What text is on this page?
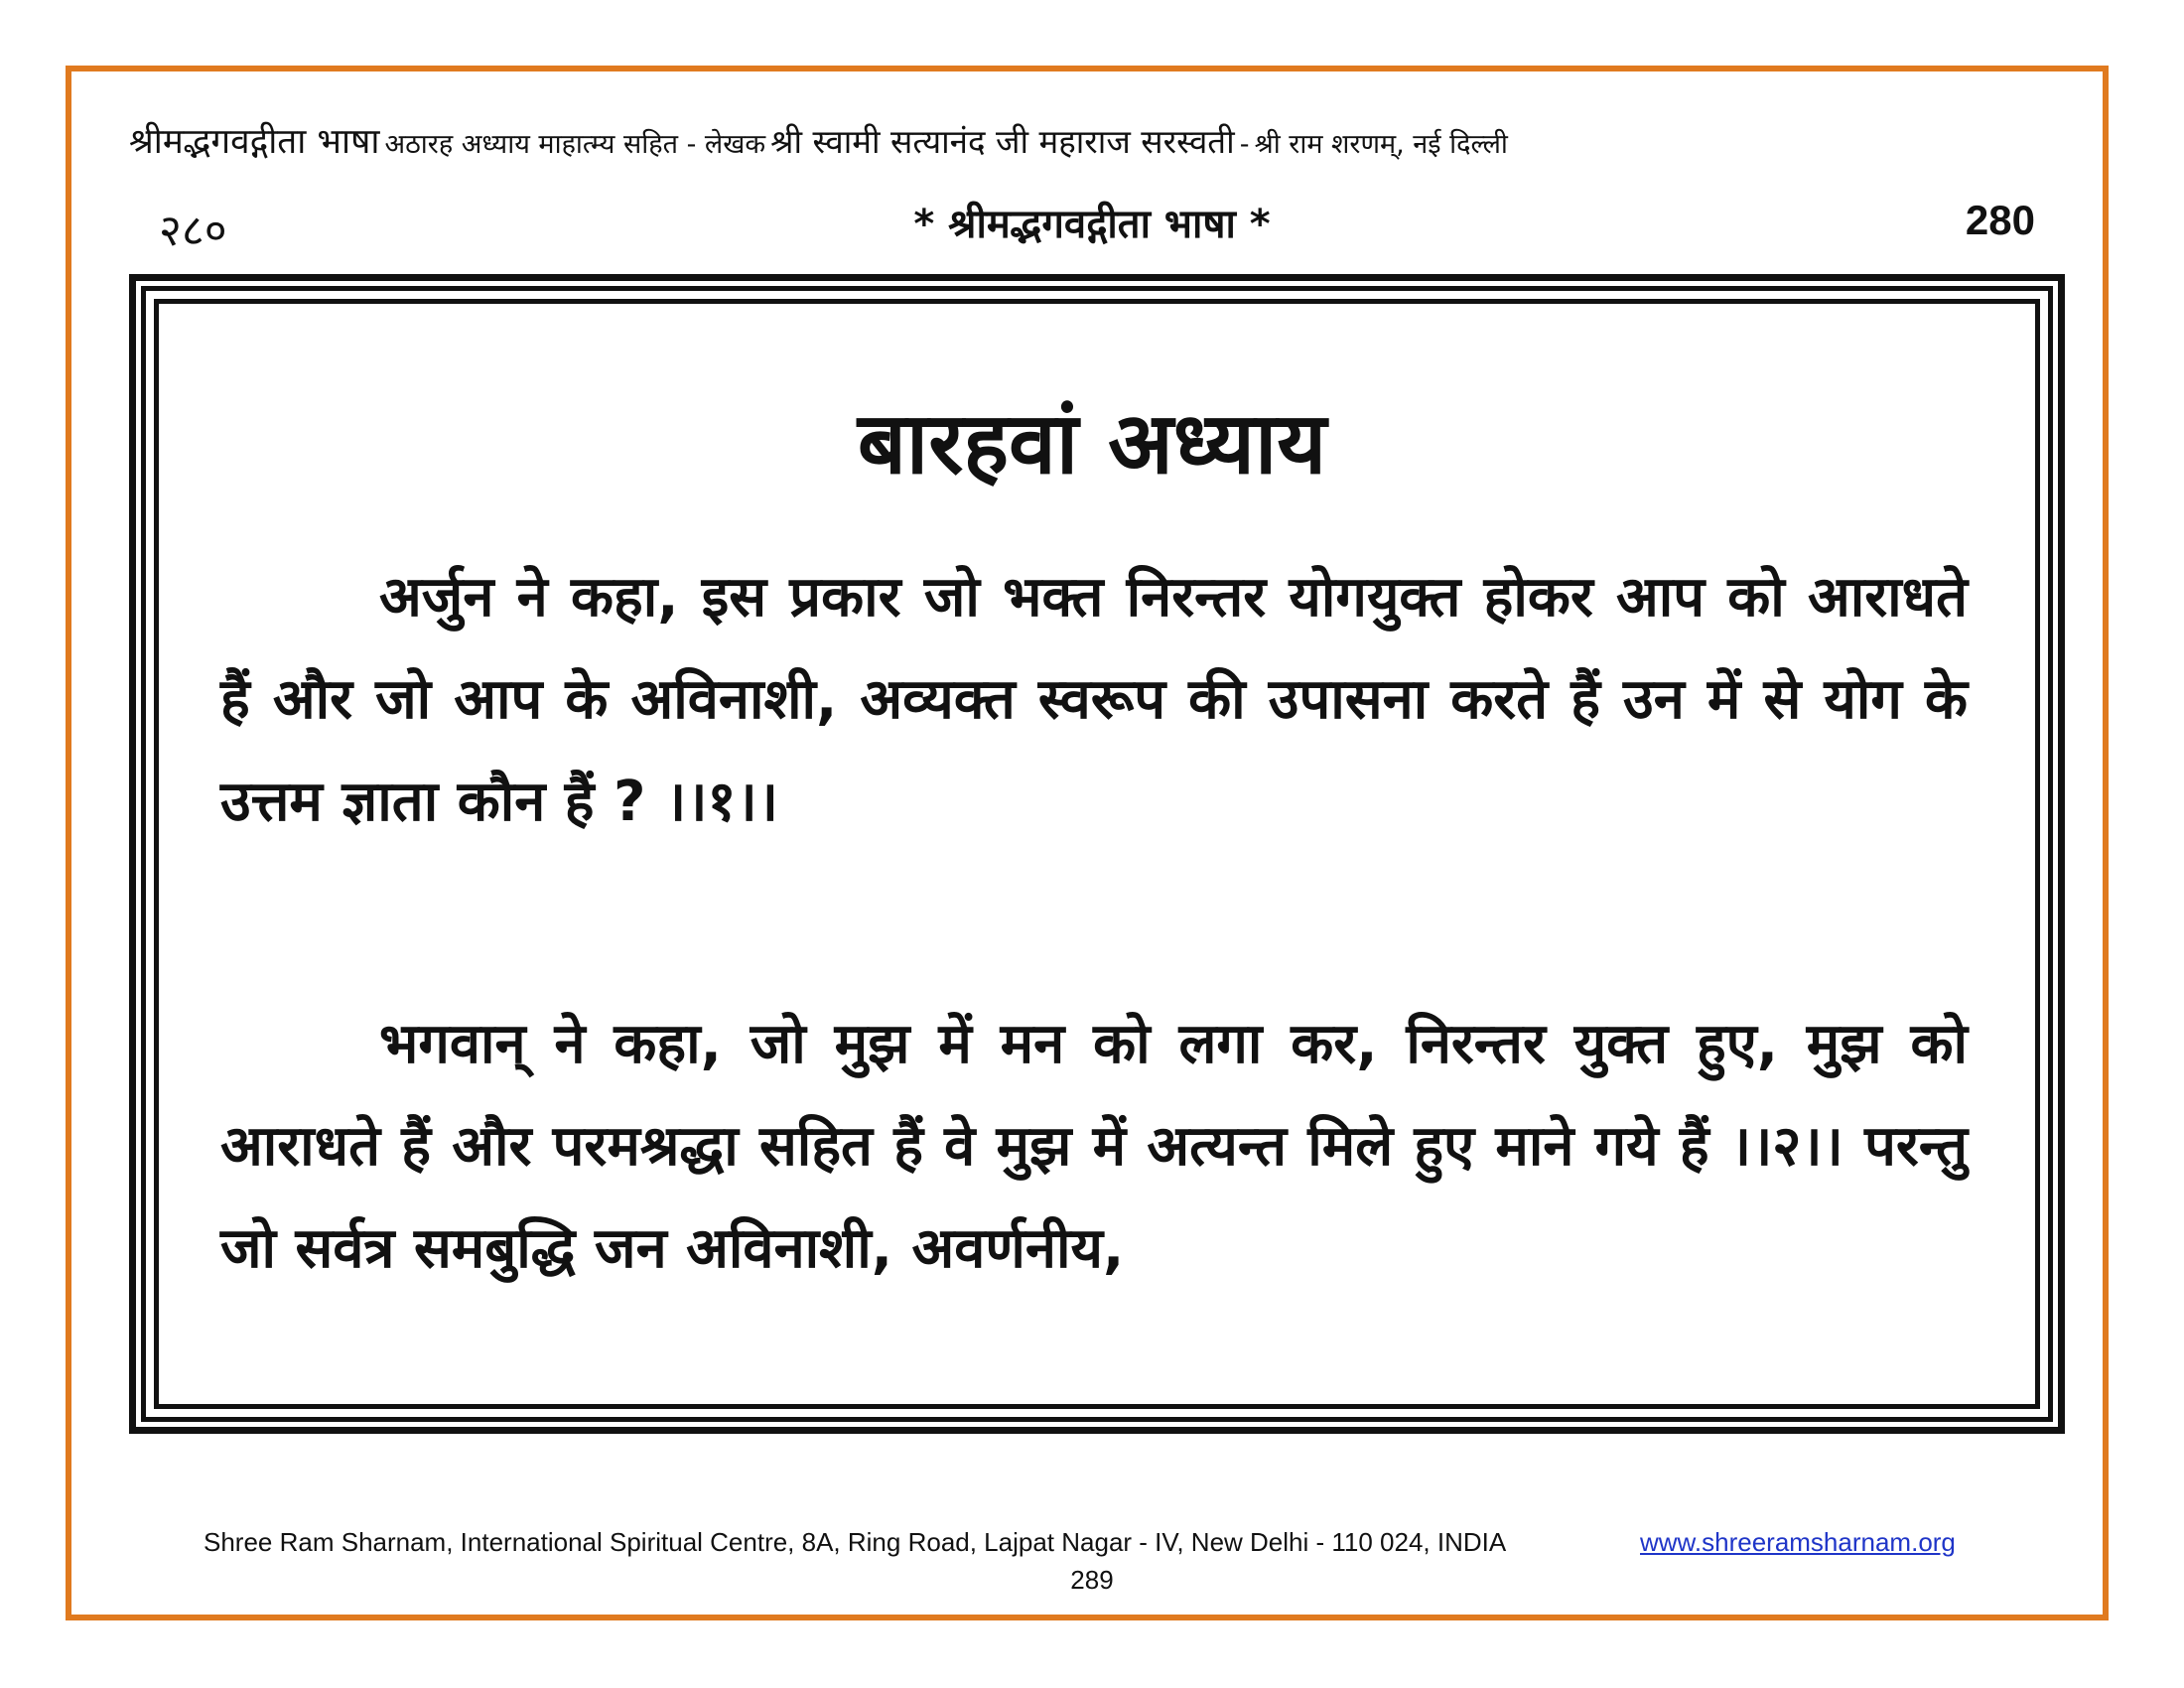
श्रीमद्भगवद्गीता भाषा अठारह अध्याय माहात्म्य सहित - लेखक श्री स्वामी सत्यानंद जी महाराज सरस्वती - श्री राम शरणम्, नई दिल्ली
२८०	* श्रीमद्भगवद्गीता भाषा *	280
बारहवां अध्याय
अर्जुन ने कहा, इस प्रकार जो भक्त निरन्तर योगयुक्त होकर आप को आराधते हैं और जो आप के अविनाशी, अव्यक्त स्वरूप की उपासना करते हैं उन में से योग के उत्तम ज्ञाता कौन हैं ? ।।१।।
भगवान् ने कहा, जो मुझ में मन को लगा कर, निरन्तर युक्त हुए, मुझ को आराधते हैं और परमश्रद्धा सहित हैं वे मुझ में अत्यन्त मिले हुए माने गये हैं ।।२।। परन्तु जो सर्वत्र समबुद्धि जन अविनाशी, अवर्णनीय,
Shree Ram Sharnam, International Spiritual Centre, 8A, Ring Road, Lajpat Nagar - IV, New Delhi - 110 024, INDIA	www.shreeramsharnam.org
289
